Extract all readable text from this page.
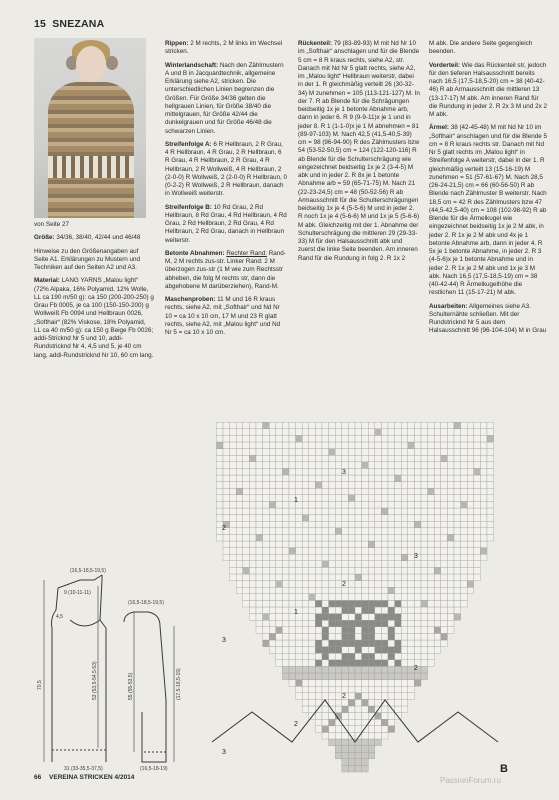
15 SNEZANA

von Seite 27

Größe: 34/36, 38/40, 42/44 und 46/48

Hinweise zu den Größenangaben auf Seite A1. Erklärungen zu Mustern und Techniken auf den Seiten A2 und A3.

Material: LANG YARNS „Malou light“ (72% Alpaka, 16% Polyamid, 12% Wolle, LL ca 190 m/50 g): ca 150 (200-200-250) g Grau Fb 0005, je ca 100 (150-150-200) g Wollweiß Fb 0094 und Hellbraun 0026, „Softhair“ (82% Viskose, 18% Polyamid, LL ca 40 m/50 g): ca 150 g Beige Fb 0026; addi-Stricknd Nr 5 und 10, addi-Rundstricknd Nr 4, 4,5 und 5, je 40 cm lang, addi-Rundstricknd Nr 10, 60 cm lang.

Rippen: 2 M rechts, 2 M links im Wechsel stricken.

Winterlandschaft: Nach den Zählmustern A und B in Jacquardtechnik, allgemeine Erklärung siehe A2, stricken. Die unterschiedlichen Linien begrenzen die Größen. Für Größe 34/36 gelten die hellgrauen Linien, für Größe 38/40 die mittelgrauen, für Größe 42/44 die dunkelgrauen und für Größe 46/48 die schwarzen Linien.

Streifenfolge A: 6 R Hellbraun, 2 R Grau, 4 R Hellbraun, 4 R Grau, 2 R Hellbraun, 6 R Grau, 4 R Hellbraun, 2 R Grau, 4 R Hellbraun, 2 R Wollweiß, 4 R Hellbraun, 2 (2-0-0) R Wollweiß, 2 (2-0-0) R Hellbraun, 0 (0-2-2) R Wollweiß, 2 R Hellbraun, danach in Wollweiß weiterstr.

Streifenfolge B: 10 Rd Grau, 2 Rd Hellbraun, 8 Rd Grau, 4 Rd Hellbraun, 4 Rd Grau, 2 Rd Hellbraun, 2 Rd Grau, 4 Rd Hellbraun, 2 Rd Grau, danach in Hellbraun weiterstr.

Betonte Abnahmen: Rechter Rand: Rand-M, 2 M rechts zus-str. Linker Rand: 2 M überzogen zus-str (1 M wie zum Rechtsstr abheben, die folg M rechts str, dann die abgehobene M darüberziehen), Rand-M.

Maschenproben: 11 M und 16 R kraus rechts, siehe A2, mit „Softhair“ und Nd Nr 10 = ca 10 x 10 cm, 17 M und 23 R glatt rechts, siehe A2, mit „Malou light“ und Nd Nr 5 = ca 10 x 10 cm.

Rückenteil: 79 (83-89-93) M mit Nd Nr 10 im „Softhair“ anschlagen und für die Blende 5 cm = 8 R kraus rechts, siehe A2, str. Danach mit Nd Nr 5 glatt rechts, siehe A2, im „Malou light“ Hellbraun weiterstr, dabei in der 1. R gleichmäßig verteilt 26 (30-32-34) M zunehmen = 105 (113-121-127) M. In der 7. R ab Blende für die Schrägungen beidseitig 1x je 1 betonte Abnahme arb, dann in jeder 6. R 9 (9-9-11)x je 1 und in jeder 8. R 1 (1-1-0)x je 1 M abnehmen = 81 (89-97-103) M. Nach 42,5 (41,5-40,5-39) cm = 98 (96-94-90) R des Zählmusters bzw 54 (53-52-50,5) cm = 124 (122-120-116) R ab Blende für die Schulterschrägung wie eingezeichnet beidseitig 1x je 2 (3-4-5) M abk und in jeder 2. R 8x je 1 betonte Abnahme arb = 59 (65-71-75) M. Nach 21 (22-23-24,5) cm = 48 (50-52-56) R ab Armausschnitt für die Schulterschrägungen beidseitig 1x je 4 (5-5-6) M und in jeder 2. R noch 1x je 4 (5-6-6) M und 1x je 5 (5-6-6) M abk. Gleichzeitig mit der 1. Abnahme der Schulterschrägung die mittleren 29 (29-33-33) M für den Halsausschnitt abk und zuerst die linke Seite beenden. Am inneren Rand für die Rundung in folg 2. R 1x 2

M abk. Die andere Seite gegengleich beenden.

Vorderteil: Wie das Rückenteil str, jedoch für den tieferen Halsausschnitt bereits nach 16,5 (17,5-18,5-20) cm = 38 (40-42-46) R ab Armausschnitt die mittleren 13 (13-17-17) M abk. Am inneren Rand für die Rundung in jeder 2. R 2x 3 M und 2x 2 M abk.

Ärmel: 38 (42-45-48) M mit Nd Nr 10 im „Softhair“ anschlagen und für die Blende 5 cm = 8 R kraus rechts str. Danach mit Nd Nr 5 glatt rechts im „Malou light“ in Streifenfolge A weiterstr, dabei in der 1. R gleichmäßig verteilt 13 (15-16-19) M zunehmen = 51 (57-61-67) M. Nach 28,5 (26-24-21,5) cm = 66 (60-56-50) R ab Blende nach Zählmuster B weiterstr. Nach 18,5 cm = 42 R des Zählmusters bzw 47 (44,5-42,5-40) cm = 108 (102-98-92) R ab Blende für die Ärmelkugel wie eingezeichnet beidseitig 1x je 2 M abk, in jeder 2. R 1x je 2 M abk und 4x je 1 betonte Abnahme arb, dann in jeder 4. R 5x je 1 betonte Abnahme, in jeder 2. R 3 (4-5-6)x je 1 betonte Abnahme und in jeder 2. R 1x je 2 M abk und 1x je 3 M abk. Nach 16,5 (17,5-18,5-19) cm = 38 (40-42-44) R Ärmelkugelhöhe die restlichen 11 (15-17-21) M abk.

Ausarbeiten: Allgemeines siehe A3. Schulternähte schließen. Mit der Rundstricknd Nr 5 aus dem Halsausschnitt 96 (96-104-104) M in Grau

(16,5-18,5-19,5)
9 (10-11-11)
4,5
31 (33-35,5-37,5)
(16,5-18,5-19,5)
(16,5-18-19)
70,5	53 (53,5-54,5-53)	55 (55-53,5)	(17,5-18,5-19)
3
2
2
2
3
1
2
3
2
1
3
B
66 VEREINA STRICKEN 4/2014	PassionForum.ru
